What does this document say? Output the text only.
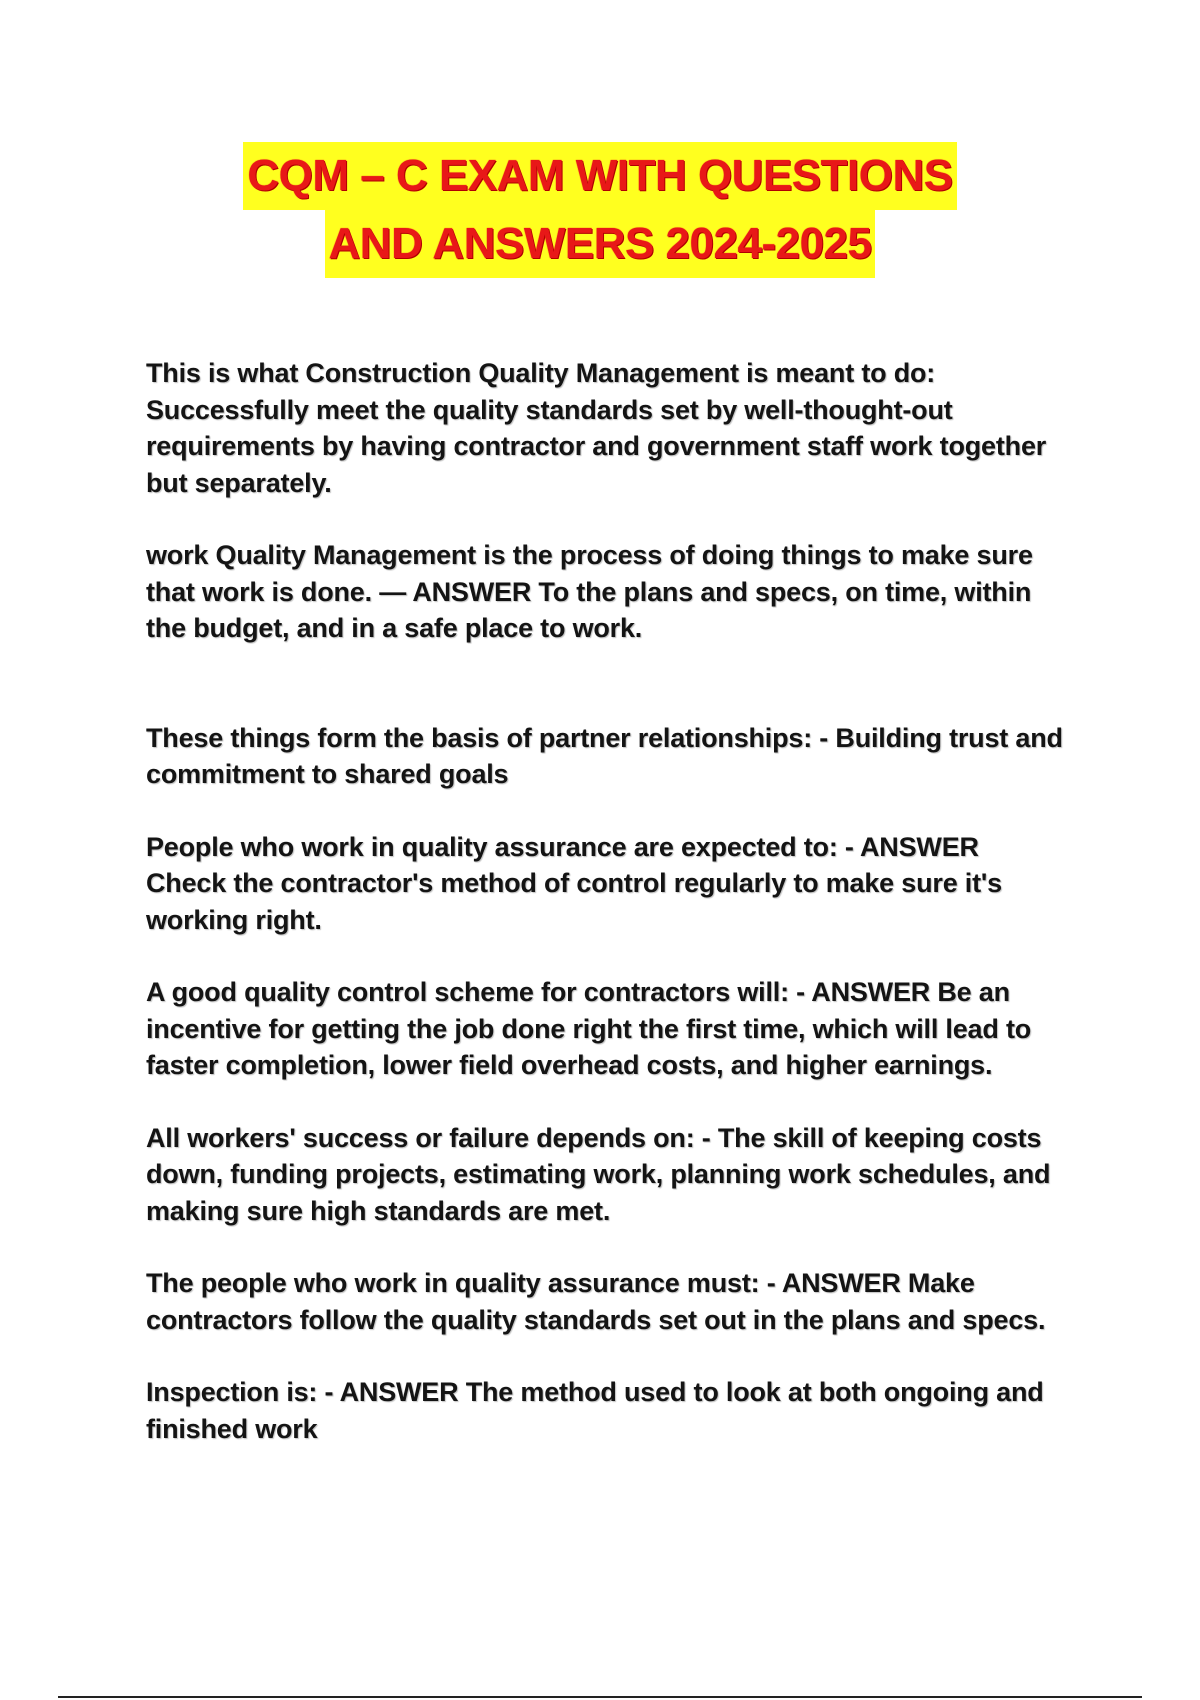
CQM – C EXAM WITH QUESTIONS
AND ANSWERS 2024-2025

This is what Construction Quality Management is meant to do: Successfully meet the quality standards set by well-thought-out requirements by having contractor and government staff work together but separately.

work Quality Management is the process of doing things to make sure that work is done. — ANSWER To the plans and specs, on time, within the budget, and in a safe place to work.

These things form the basis of partner relationships: - Building trust and commitment to shared goals

People who work in quality assurance are expected to: - ANSWER Check the contractor's method of control regularly to make sure it's working right.

A good quality control scheme for contractors will: - ANSWER Be an incentive for getting the job done right the first time, which will lead to faster completion, lower field overhead costs, and higher earnings.

All workers' success or failure depends on: - The skill of keeping costs down, funding projects, estimating work, planning work schedules, and making sure high standards are met.

The people who work in quality assurance must: - ANSWER Make contractors follow the quality standards set out in the plans and specs.

Inspection is: - ANSWER The method used to look at both ongoing and finished work
